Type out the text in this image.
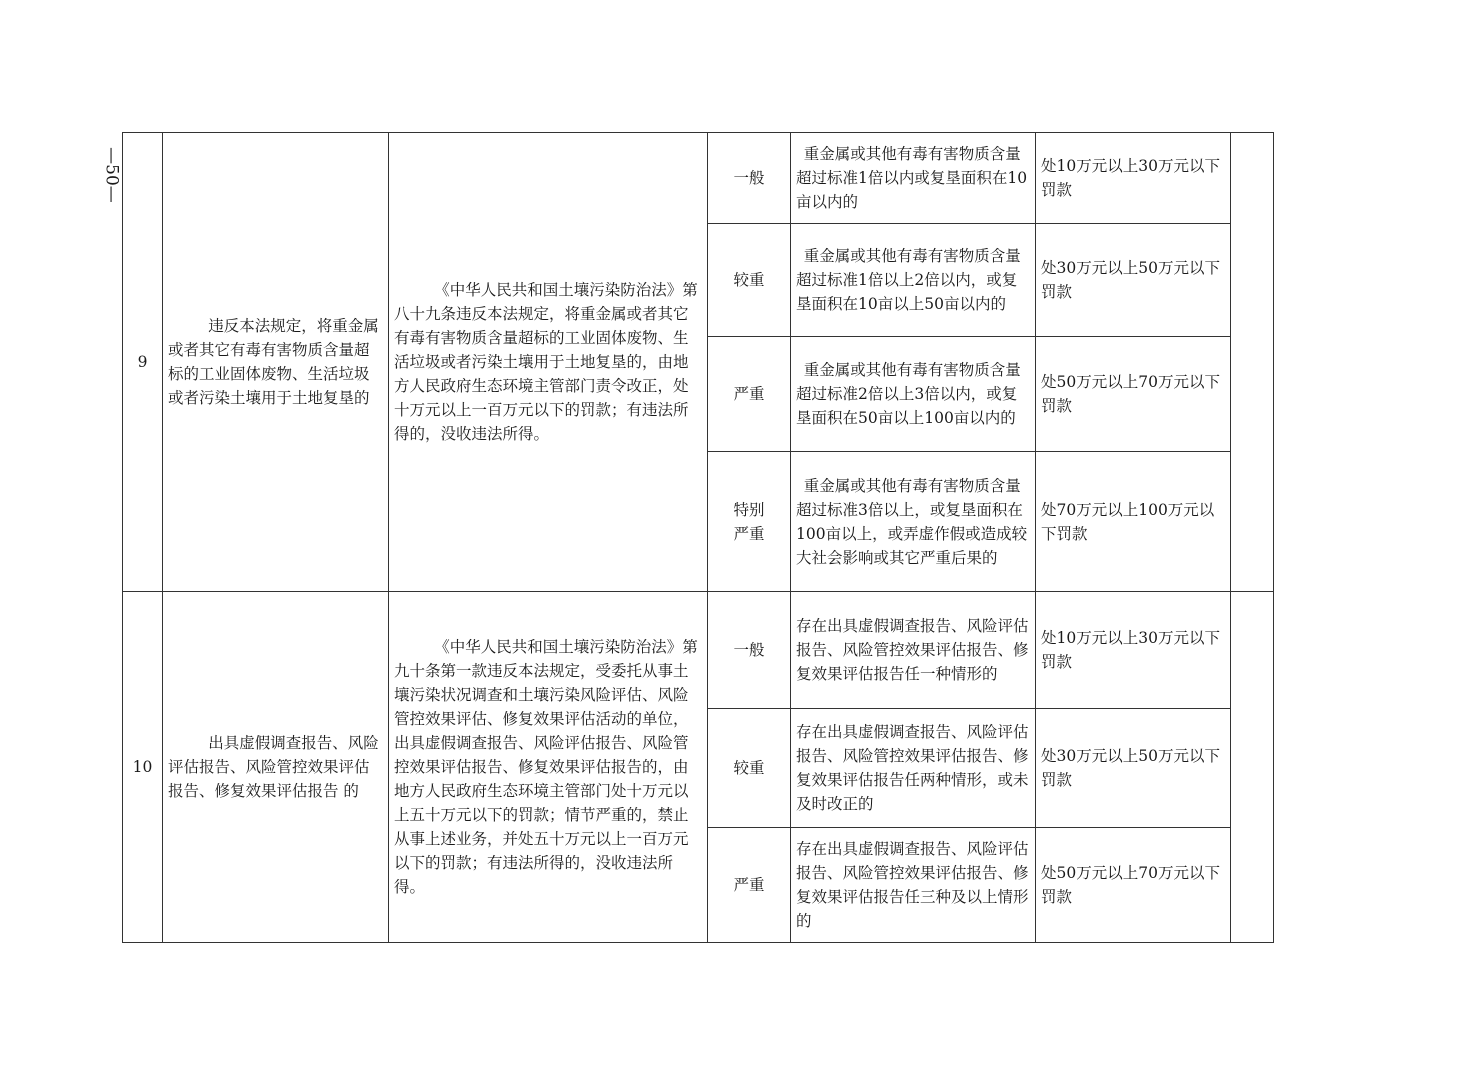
—50—
9	违反本法规定，将重金属或者其它有毒有害物质含量超标的工业固体废物、生活垃圾或者污染土壤用于土地复垦的	《中华人民共和国土壤污染防治法》第八十九条违反本法规定，将重金属或者其它有毒有害物质含量超标的工业固体废物、生活垃圾或者污染土壤用于土地复垦的，由地方人民政府生态环境主管部门责令改正，处十万元以上一百万元以下的罚款；有违法所得的，没收违法所得。	一般	重金属或其他有毒有害物质含量超过标准1倍以内或复垦面积在10亩以内的	处10万元以上30万元以下罚款	
			较重	重金属或其他有毒有害物质含量超过标准1倍以上2倍以内，或复垦面积在10亩以上50亩以内的	处30万元以上50万元以下罚款	
			严重	重金属或其他有毒有害物质含量超过标准2倍以上3倍以内，或复垦面积在50亩以上100亩以内的	处50万元以上70万元以下罚款	
			特别严重	重金属或其他有毒有害物质含量超过标准3倍以上，或复垦面积在100亩以上，或弄虚作假或造成较大社会影响或其它严重后果的	处70万元以上100万元以下罚款	
10	出具虚假调查报告、风险评估报告、风险管控效果评估报告、修复效果评估报告 的	《中华人民共和国土壤污染防治法》第九十条第一款违反本法规定，受委托从事土壤污染状况调查和土壤污染风险评估、风险管控效果评估、修复效果评估活动的单位，出具虚假调查报告、风险评估报告、风险管控效果评估报告、修复效果评估报告的，由地方人民政府生态环境主管部门处十万元以上五十万元以下的罚款；情节严重的，禁止从事上述业务，并处五十万元以上一百万元以下的罚款；有违法所得的，没收违法所得。	一般	存在出具虚假调查报告、风险评估报告、风险管控效果评估报告、修复效果评估报告任一种情形的	处10万元以上30万元以下罚款	
			较重	存在出具虚假调查报告、风险评估报告、风险管控效果评估报告、修复效果评估报告任两种情形，或未及时改正的	处30万元以上50万元以下罚款	
			严重	存在出具虚假调查报告、风险评估报告、风险管控效果评估报告、修复效果评估报告任三种及以上情形的	处50万元以上70万元以下罚款	
